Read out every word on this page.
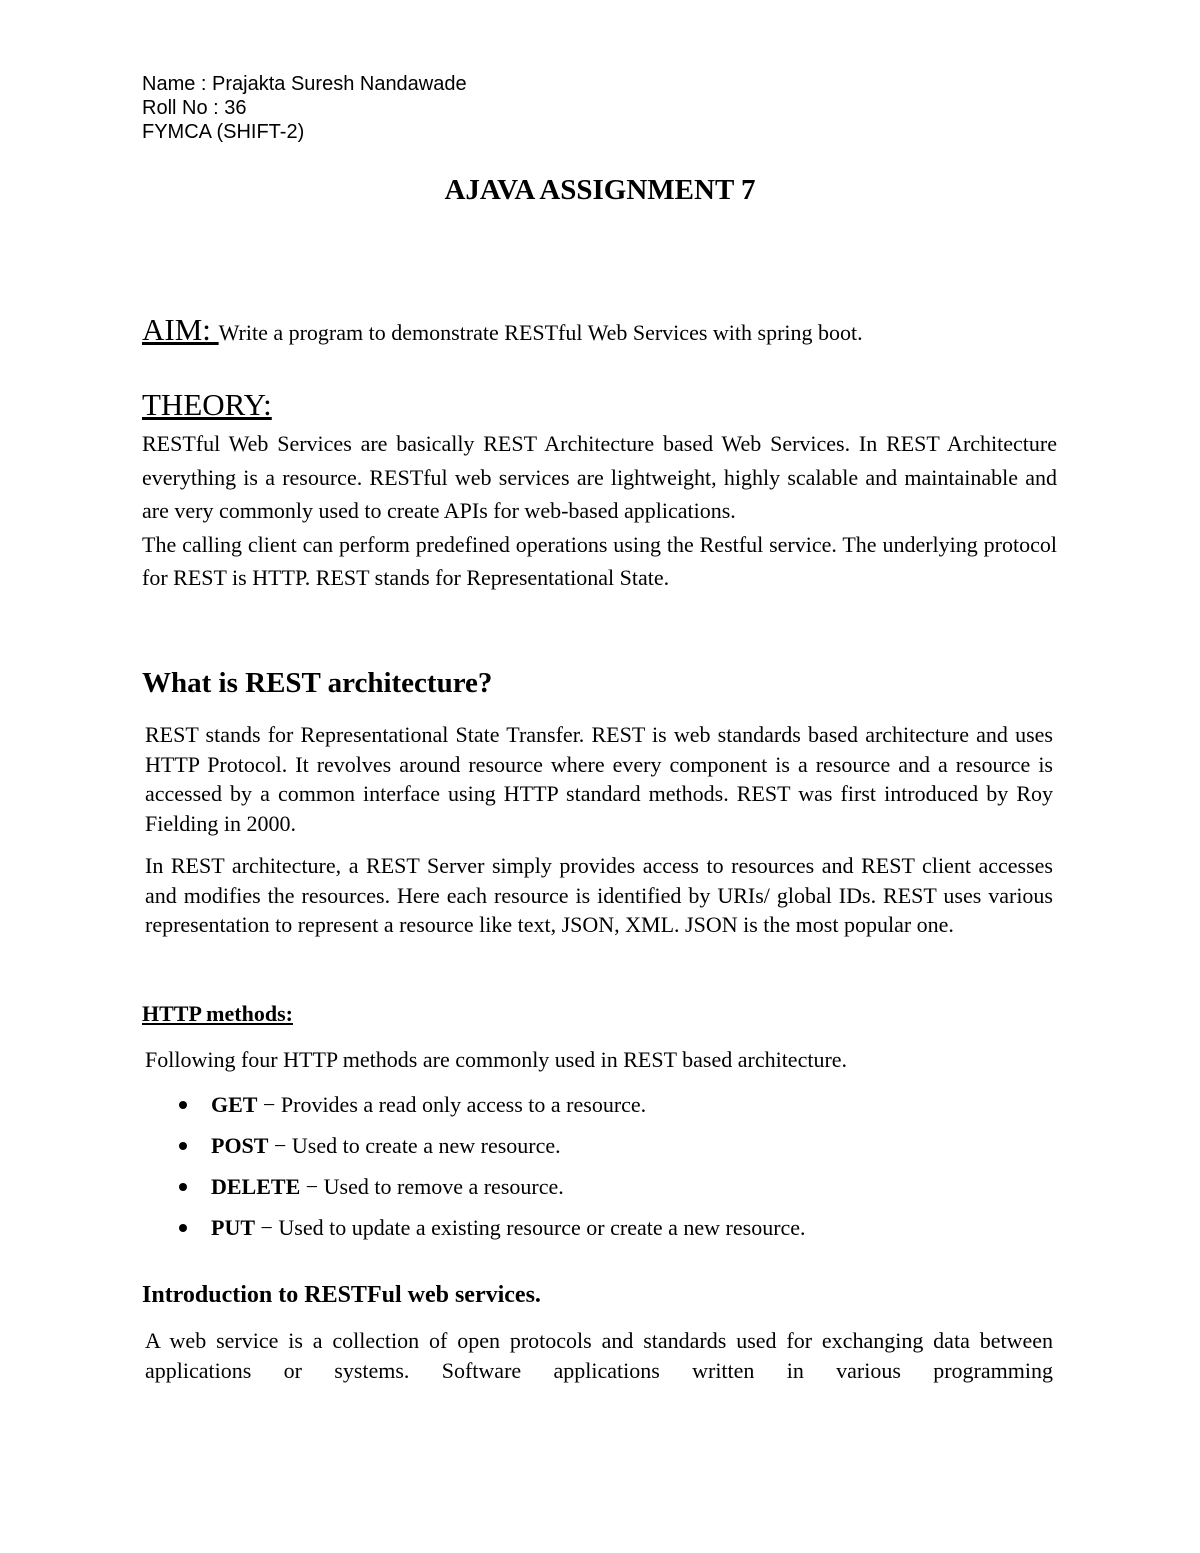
Name : Prajakta Suresh Nandawade
Roll No : 36
FYMCA (SHIFT-2)
AJAVA ASSIGNMENT 7
AIM: Write a program to demonstrate RESTful Web Services with spring boot.
THEORY:

RESTful Web Services are basically REST Architecture based Web Services. In REST Architecture everything is a resource. RESTful web services are lightweight, highly scalable and maintainable and are very commonly used to create APIs for web-based applications.

The calling client can perform predefined operations using the Restful service. The underlying protocol for REST is HTTP. REST stands for Representational State.

What is REST architecture?

REST stands for Representational State Transfer. REST is web standards based architecture and uses HTTP Protocol. It revolves around resource where every component is a resource and a resource is accessed by a common interface using HTTP standard methods. REST was first introduced by Roy Fielding in 2000.

In REST architecture, a REST Server simply provides access to resources and REST client accesses and modifies the resources. Here each resource is identified by URIs/ global IDs. REST uses various representation to represent a resource like text, JSON, XML. JSON is the most popular one.

HTTP methods:
Following four HTTP methods are commonly used in REST based architecture.
GET − Provides a read only access to a resource.
POST − Used to create a new resource.
DELETE − Used to remove a resource.
PUT − Used to update a existing resource or create a new resource.
Introduction to RESTFul web services.

A web service is a collection of open protocols and standards used for exchanging data between applications or systems. Software applications written in various programming
